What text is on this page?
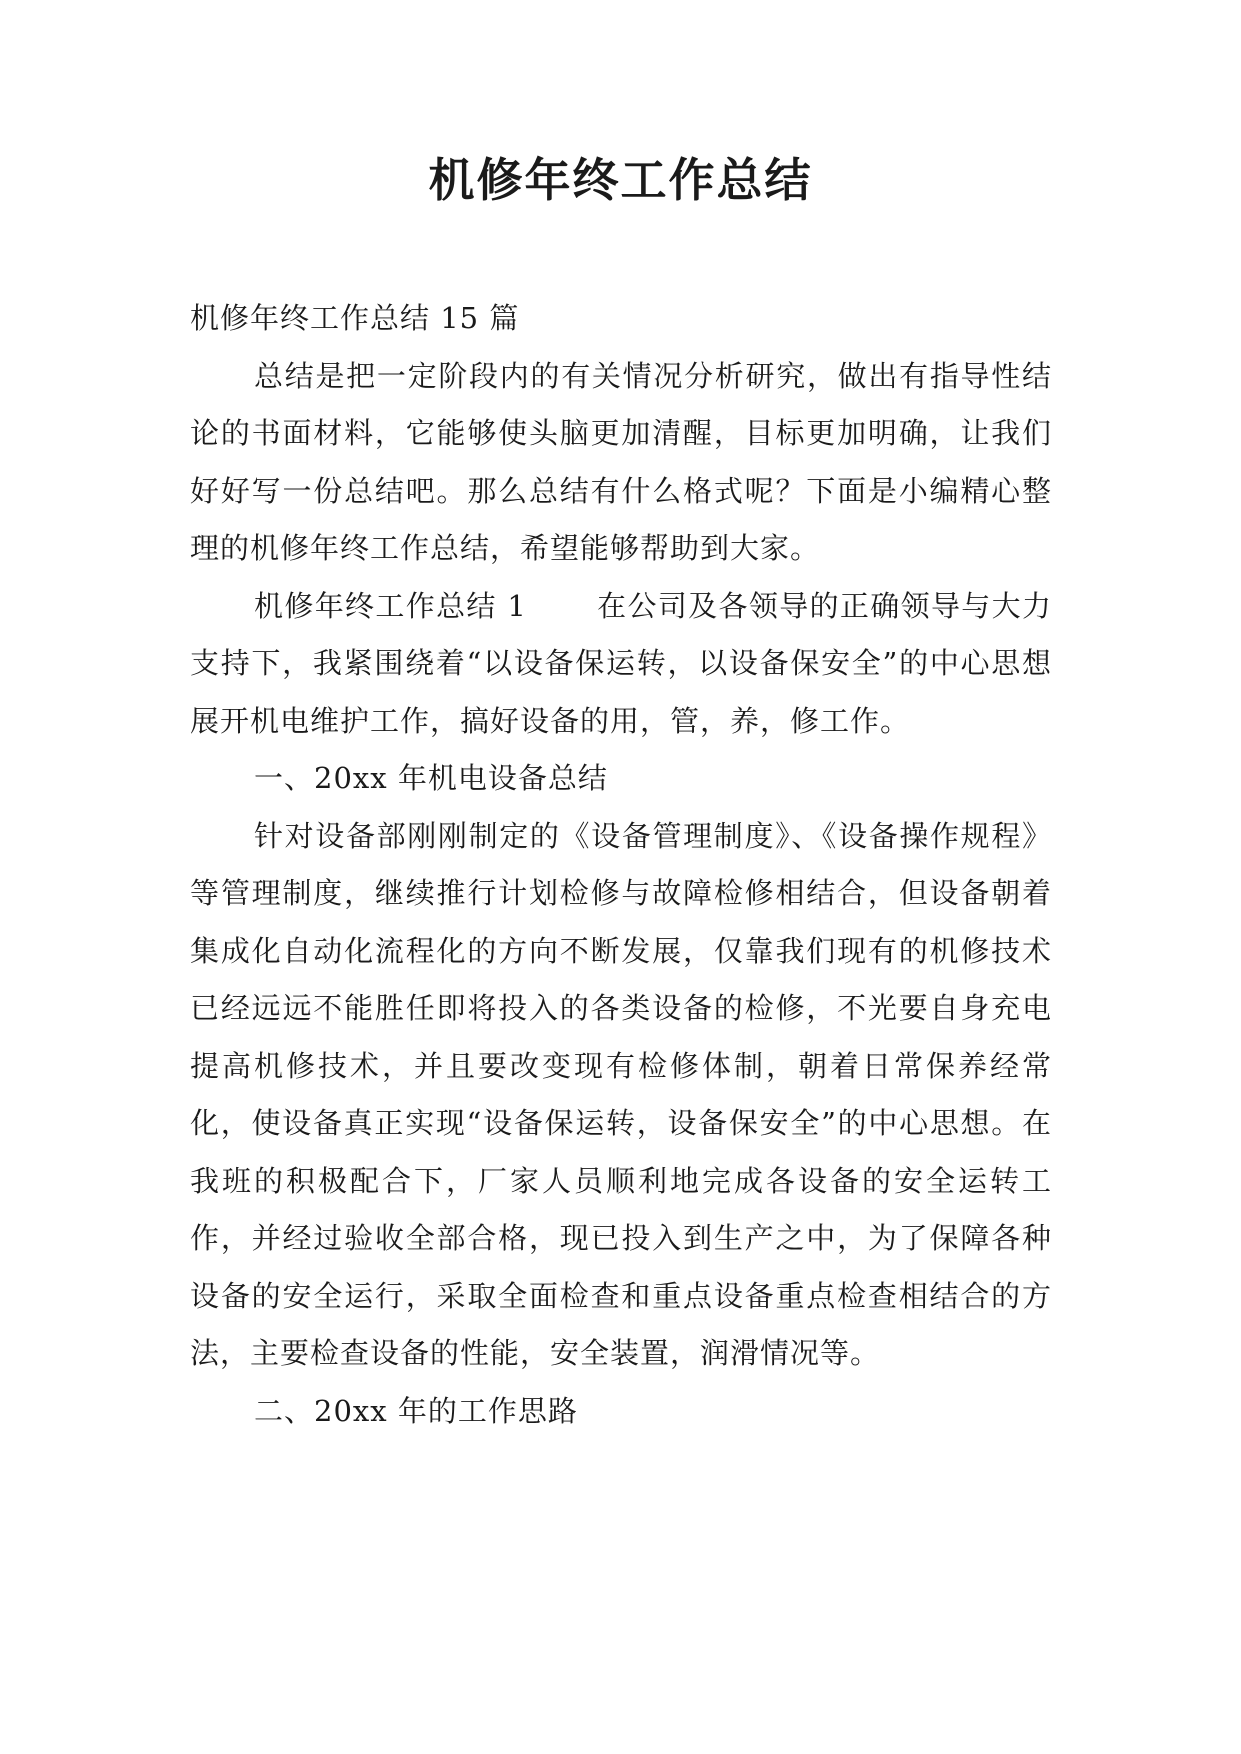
机修年终工作总结

机修年终工作总结 15 篇

总结是把一定阶段内的有关情况分析研究，做出有指导性结论的书面材料，它能够使头脑更加清醒，目标更加明确，让我们好好写一份总结吧。那么总结有什么格式呢？下面是小编精心整理的机修年终工作总结，希望能够帮助到大家。

机修年终工作总结 1 在公司及各领导的正确领导与大力支持下，我紧围绕着“以设备保运转，以设备保安全”的中心思想展开机电维护工作，搞好设备的用，管，养，修工作。

一、20xx 年机电设备总结

针对设备部刚刚制定的《设备管理制度》、《设备操作规程》等管理制度，继续推行计划检修与故障检修相结合，但设备朝着集成化自动化流程化的方向不断发展，仅靠我们现有的机修技术已经远远不能胜任即将投入的各类设备的检修，不光要自身充电提高机修技术，并且要改变现有检修体制，朝着日常保养经常化，使设备真正实现“设备保运转，设备保安全”的中心思想。在我班的积极配合下，厂家人员顺利地完成各设备的安全运转工作，并经过验收全部合格，现已投入到生产之中，为了保障各种设备的安全运行，采取全面检查和重点设备重点检查相结合的方法，主要检查设备的性能，安全装置，润滑情况等。

二、20xx 年的工作思路
